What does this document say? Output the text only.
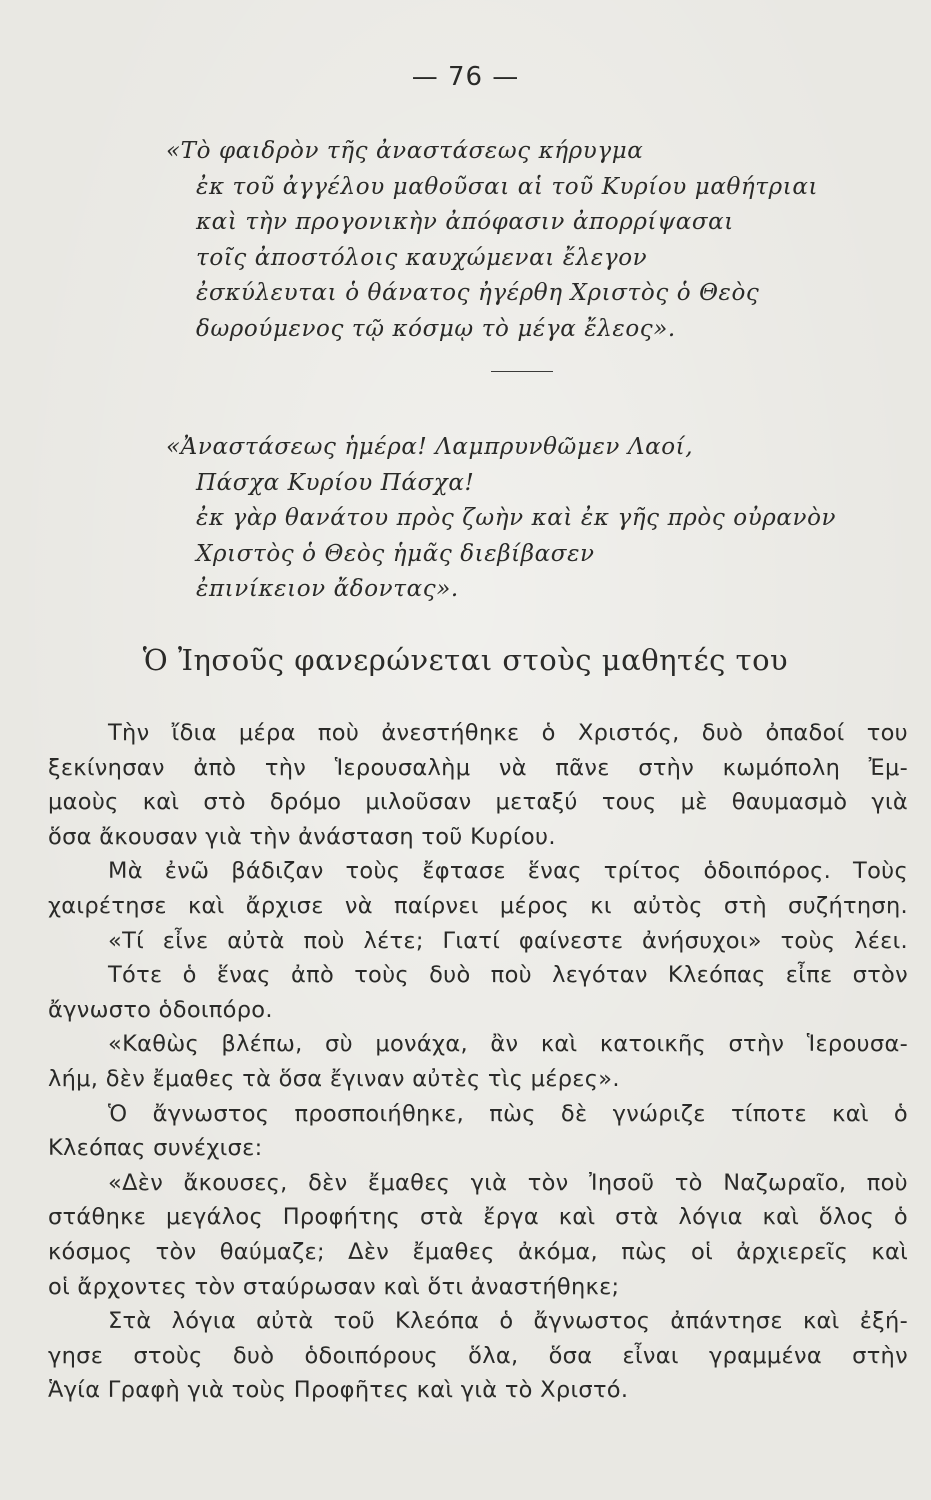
— 76 —
«Τὸ φαιδρὸν τῆς ἀναστάσεως κήρυγμα
ἐκ τοῦ ἀγγέλου μαθοῦσαι αἱ τοῦ Κυρίου μαθήτριαι
καὶ τὴν προγονικὴν ἀπόφασιν ἀπορρίψασαι
τοῖς ἀποστόλοις καυχώμεναι ἔλεγον
ἐσκύλευται ὁ θάνατος ἠγέρθη Χριστὸς ὁ Θεὸς
δωρούμενος τῷ κόσμῳ τὸ μέγα ἔλεος».
«Ἀναστάσεως ἡμέρα! Λαμπρυνθῶμεν Λαοί,
Πάσχα Κυρίου Πάσχα!
ἐκ γὰρ θανάτου πρὸς ζωὴν καὶ ἐκ γῆς πρὸς οὐρανὸν
Χριστὸς ὁ Θεὸς ἡμᾶς διεβίβασεν
ἐπινίκειον ἄδοντας».
Ὁ Ἰησοῦς φανερώνεται στοὺς μαθητές του
Τὴν ἴδια μέρα ποὺ ἀνεστήθηκε ὁ Χριστός, δυὸ ὀπαδοί του
ξεκίνησαν ἀπὸ τὴν Ἱερουσαλὴμ νὰ πᾶνε στὴν κωμόπολη Ἐμ-
μαοὺς καὶ στὸ δρόμο μιλοῦσαν μεταξύ τους μὲ θαυμασμὸ γιὰ
ὅσα ἄκουσαν γιὰ τὴν ἀνάσταση τοῦ Κυρίου.
Μὰ ἐνῶ βάδιζαν τοὺς ἔφτασε ἕνας τρίτος ὁδοιπόρος. Τοὺς
χαιρέτησε καὶ ἄρχισε νὰ παίρνει μέρος κι αὐτὸς στὴ συζήτηση.
«Τί εἶνε αὐτὰ ποὺ λέτε; Γιατί φαίνεστε ἀνήσυχοι» τοὺς λέει.
Τότε ὁ ἕνας ἀπὸ τοὺς δυὸ ποὺ λεγόταν Κλεόπας εἶπε στὸν
ἄγνωστο ὁδοιπόρο.
«Καθὼς βλέπω, σὺ μονάχα, ἂν καὶ κατοικῆς στὴν Ἱερουσα-
λήμ, δὲν ἔμαθες τὰ ὅσα ἔγιναν αὐτὲς τὶς μέρες».
Ὁ ἄγνωστος προσποιήθηκε, πὼς δὲ γνώριζε τίποτε καὶ ὁ
Κλεόπας συνέχισε:
«Δὲν ἄκουσες, δὲν ἔμαθες γιὰ τὸν Ἰησοῦ τὸ Ναζωραῖο, ποὺ
στάθηκε μεγάλος Προφήτης στὰ ἔργα καὶ στὰ λόγια καὶ ὅλος ὁ
κόσμος τὸν θαύμαζε; Δὲν ἔμαθες ἀκόμα, πὼς οἱ ἀρχιερεῖς καὶ
οἱ ἄρχοντες τὸν σταύρωσαν καὶ ὅτι ἀναστήθηκε;
Στὰ λόγια αὐτὰ τοῦ Κλεόπα ὁ ἄγνωστος ἀπάντησε καὶ ἐξή-
γησε στοὺς δυὸ ὁδοιπόρους ὅλα, ὅσα εἶναι γραμμένα στὴν
Ἁγία Γραφὴ γιὰ τοὺς Προφῆτες καὶ γιὰ τὸ Χριστό.
